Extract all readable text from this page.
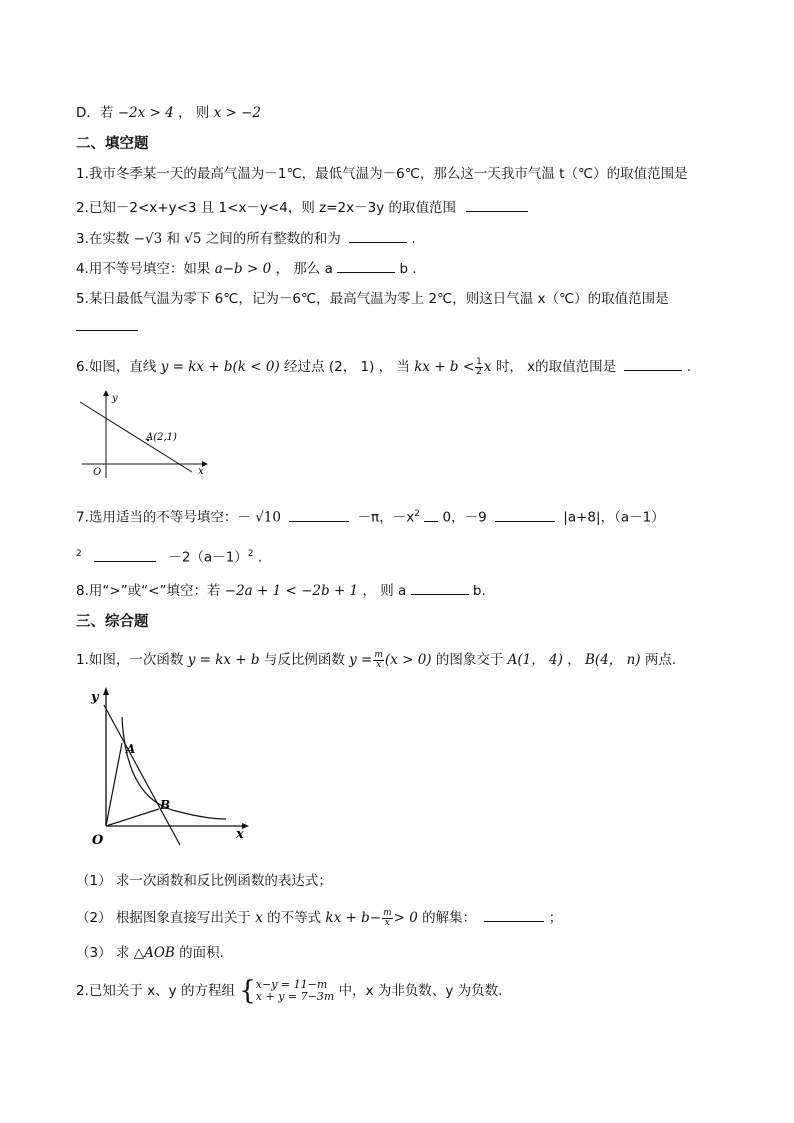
D．若 −2x > 4 ， 则 x > −2
二、填空题
1.我市冬季某一天的最高气温为－1℃，最低气温为－6℃，那么这一天我市气温 t（℃）的取值范围是
2.已知－2<x+y<3 且 1<x－y<4，则 z=2x－3y 的取值范围
3.在实数 −√3 和 √5 之间的所有整数的和为	.
4.用不等号填空：如果 a−b > 0 ， 那么 a	b .
5.某日最低气温为零下 6℃，记为－6℃，最高气温为零上 2℃，则这日气温 x（℃）的取值范围是
6.如图，直线 y = kx + b(k < 0) 经过点 (2， 1) ， 当 kx + $b < \frac{1}{2}$ x 时， x的取值范围是	.
y
x
O
A(2,1)
7.选用适当的不等号填空：－ √10	－π，$-x^2$ 0，－9	|a+8|，（a－1）
$^2$	$-2(a-1)^2$ .
8.用“>”或“<”填空：若 −2a + 1 < −2b + 1 ， 则 a	b.
三、综合题
1.如图，一次函数 y = kx + b 与反比例函数 $y = \frac{m}{x} (x > 0)$ 的图象交于 A(1， 4) ， B(4， n) 两点．
y
x
O
A
B
（1） 求一次函数和反比例函数的表达式；
（2） 根据图象直接写出关于 x 的不等式 kx + $b- \frac{m}{x} > 0$ 的解集：	；
（3） 求 △AOB 的面积．
2.已知关于 x、y 的方程组 { x−y = 11−m
x + y = 7−3m 中，x 为非负数、y 为负数.
